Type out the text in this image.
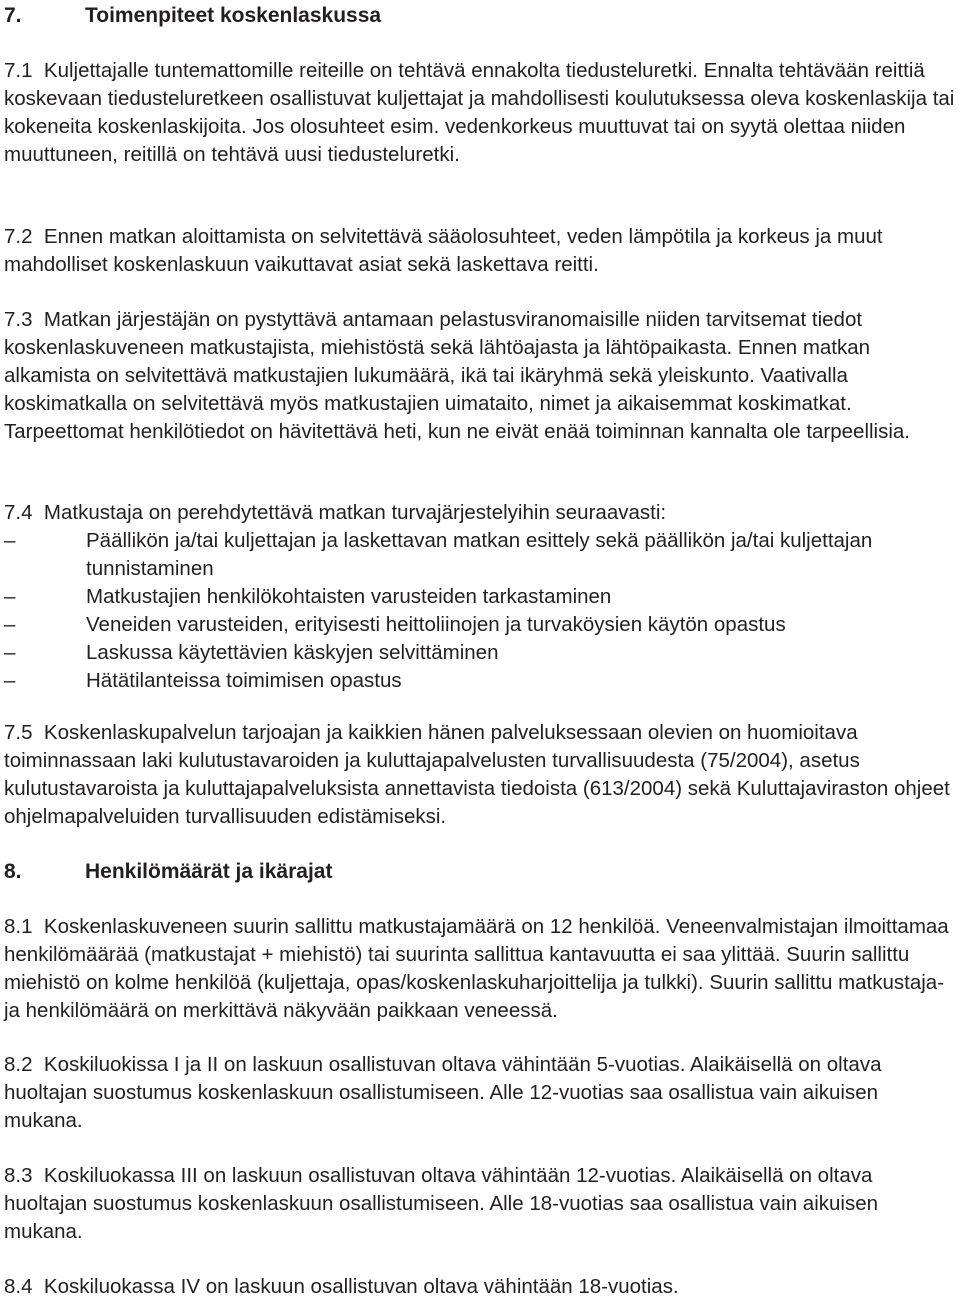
7.	Toimenpiteet koskenlaskussa

7.1 Kuljettajalle tuntemattomille reiteille on tehtävä ennakolta tiedusteluretki. Ennalta tehtävään reittiä koskevaan tiedusteluretkeen osallistuvat kuljettajat ja mahdollisesti koulutuksessa oleva koskenlaskija tai kokeneita koskenlaskijoita. Jos olosuhteet esim. vedenkorkeus muuttuvat tai on syytä olettaa niiden muuttuneen, reitillä on tehtävä uusi tiedusteluretki.

7.2 Ennen matkan aloittamista on selvitettävä sääolosuhteet, veden lämpötila ja korkeus ja muut mahdolliset koskenlaskuun vaikuttavat asiat sekä laskettava reitti.

7.3 Matkan järjestäjän on pystyttävä antamaan pelastusviranomaisille niiden tarvitsemat tiedot koskenlaskuveneen matkustajista, miehistöstä sekä lähtöajasta ja lähtöpaikasta. Ennen matkan alkamista on selvitettävä matkustajien lukumäärä, ikä tai ikäryhmä sekä yleiskunto. Vaativalla koskimatkalla on selvitettävä myös matkustajien uimataito, nimet ja aikaisemmat koskimatkat. Tarpeettomat henkilötiedot on hävitettävä heti, kun ne eivät enää toiminnan kannalta ole tarpeellisia.

7.4 Matkustaja on perehdytettävä matkan turvajärjestelyihin seuraavasti:

–	Päällikön ja/tai kuljettajan ja laskettavan matkan esittely sekä päällikön ja/tai kuljettajan tunnistaminen
–	Matkustajien henkilökohtaisten varusteiden tarkastaminen
–	Veneiden varusteiden, erityisesti heittoliinojen ja turvaköysien käytön opastus
–	Laskussa käytettävien käskyjen selvittäminen
–	Hätätilanteissa toimimisen opastus

7.5 Koskenlaskupalvelun tarjoajan ja kaikkien hänen palveluksessaan olevien on huomioitava toiminnassaan laki kulutustavaroiden ja kuluttajapalvelusten turvallisuudesta (75/2004), asetus kulutustavaroista ja kuluttajapalveluksista annettavista tiedoista (613/2004) sekä Kuluttajaviraston ohjeet ohjelmapalveluiden turvallisuuden edistämiseksi.

8.	Henkilömäärät ja ikärajat

8.1 Koskenlaskuveneen suurin sallittu matkustajamäärä on 12 henkilöä. Veneenvalmistajan ilmoittamaa henkilömäärää (matkustajat + miehistö) tai suurinta sallittua kantavuutta ei saa ylittää. Suurin sallittu miehistö on kolme henkilöä (kuljettaja, opas/koskenlaskuharjoittelija ja tulkki). Suurin sallittu matkustaja- ja henkilömäärä on merkittävä näkyvään paikkaan veneessä.

8.2 Koskiluokissa I ja II on laskuun osallistuvan oltava vähintään 5-vuotias. Alaikäisellä on oltava huoltajan suostumus koskenlaskuun osallistumiseen. Alle 12-vuotias saa osallistua vain aikuisen mukana.

8.3 Koskiluokassa III on laskuun osallistuvan oltava vähintään 12-vuotias. Alaikäisellä on oltava huoltajan suostumus koskenlaskuun osallistumiseen. Alle 18-vuotias saa osallistua vain aikuisen mukana.

8.4 Koskiluokassa IV on laskuun osallistuvan oltava vähintään 18-vuotias.
